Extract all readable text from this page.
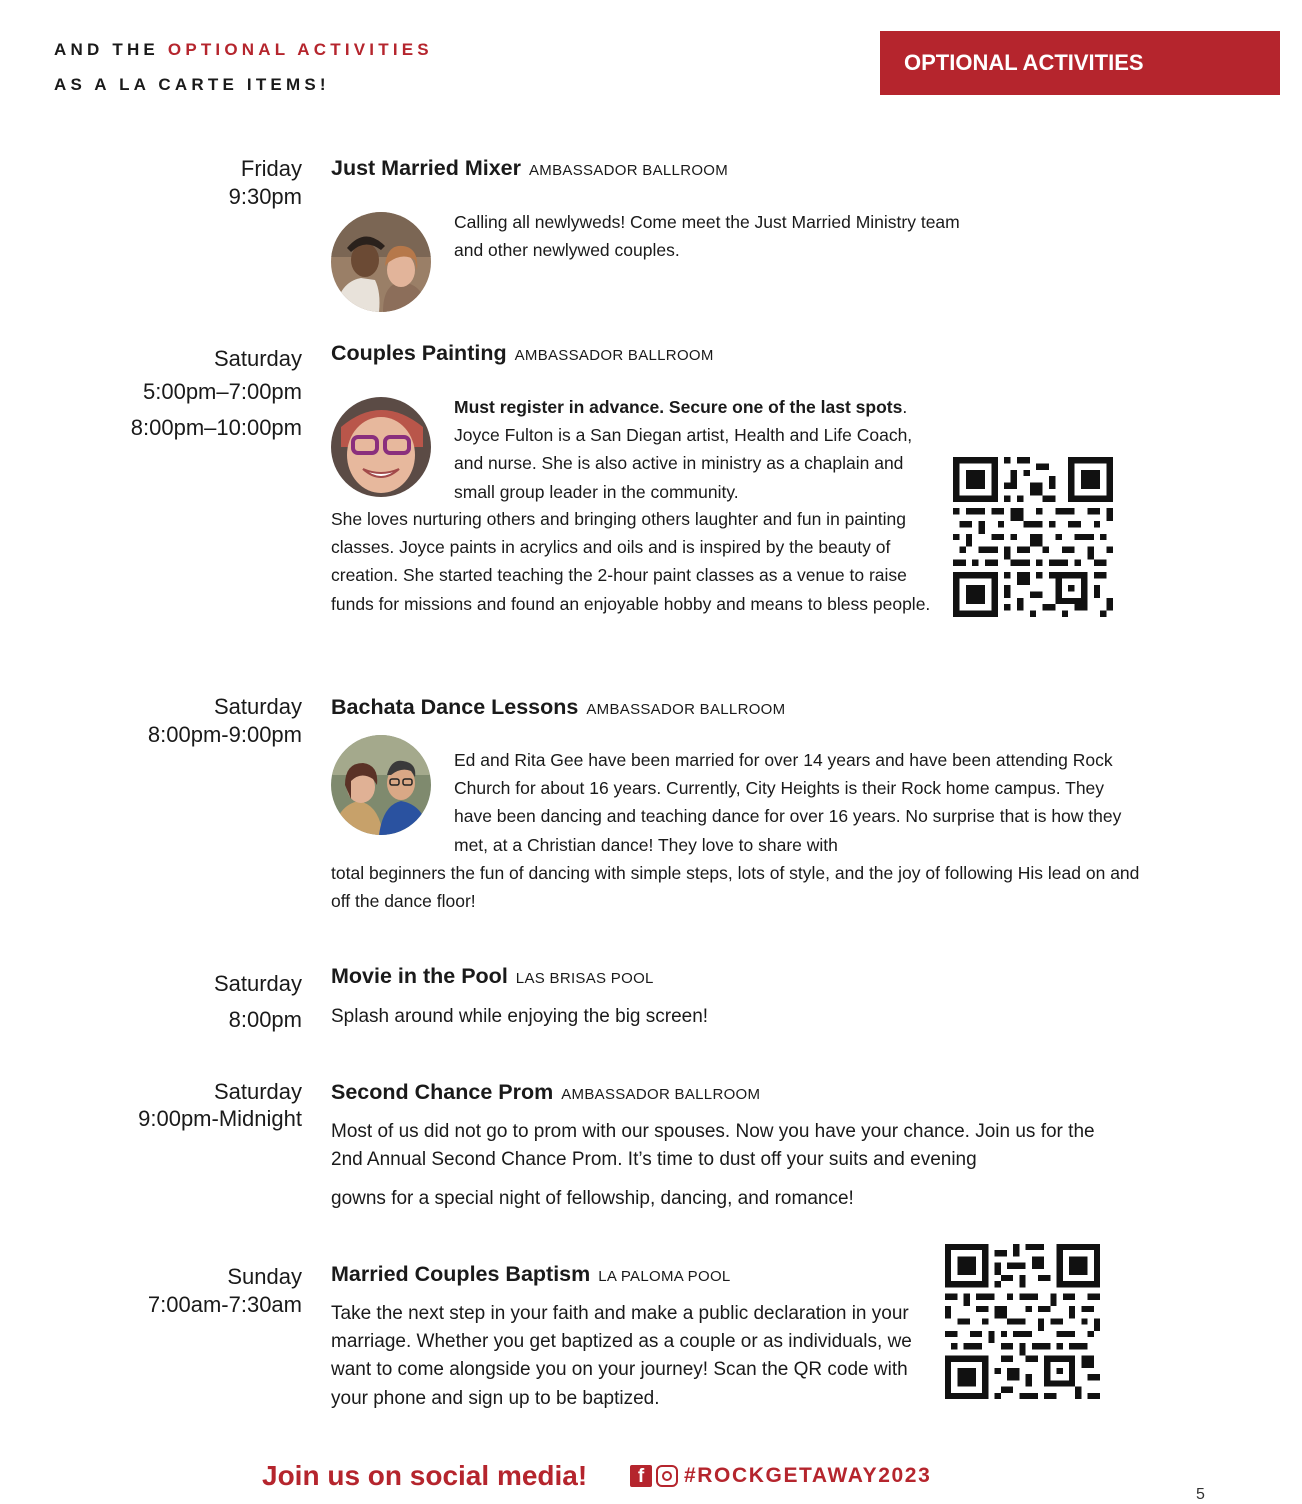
AND THE OPTIONAL ACTIVITIES
AS A LA CARTE ITEMS!
OPTIONAL ACTIVITIES
Friday
9:30pm
Just Married Mixer AMBASSADOR BALLROOM
Calling all newlyweds! Come meet the Just Married Ministry team and other newlywed couples.
Saturday
5:00pm–7:00pm
8:00pm–10:00pm
Couples Painting AMBASSADOR BALLROOM
Must register in advance. Secure one of the last spots.
Joyce Fulton is a San Diegan artist, Health and Life Coach, and nurse. She is also active in ministry as a chaplain and small group leader in the community.
She loves nurturing others and bringing others laughter and fun in painting classes. Joyce paints in acrylics and oils and is inspired by the beauty of creation. She started teaching the 2-hour paint classes as a venue to raise funds for missions and found an enjoyable hobby and means to bless people.
Saturday
8:00pm-9:00pm
Bachata Dance Lessons AMBASSADOR BALLROOM
Ed and Rita Gee have been married for over 14 years and have been attending Rock Church for about 16 years. Currently, City Heights is their Rock home campus. They have been dancing and teaching dance for over 16 years. No surprise that is how they met, at a Christian dance! They love to share with
total beginners the fun of dancing with simple steps, lots of style, and the joy of following His lead on and off the dance floor!
Saturday
8:00pm
Movie in the Pool LAS BRISAS POOL
Splash around while enjoying the big screen!
Saturday
9:00pm-Midnight
Second Chance Prom AMBASSADOR BALLROOM
Most of us did not go to prom with our spouses. Now you have your chance. Join us for the 2nd Annual Second Chance Prom. It’s time to dust off your suits and evening
gowns for a special night of fellowship, dancing, and romance!
Sunday
7:00am-7:30am
Married Couples Baptism LA PALOMA POOL
Take the next step in your faith and make a public declaration in your marriage. Whether you get baptized as a couple or as individuals, we want to come alongside you on your journey! Scan the QR code with your phone and sign up to be baptized.
Join us on social media!	f	#ROCKGETAWAY2023
5
